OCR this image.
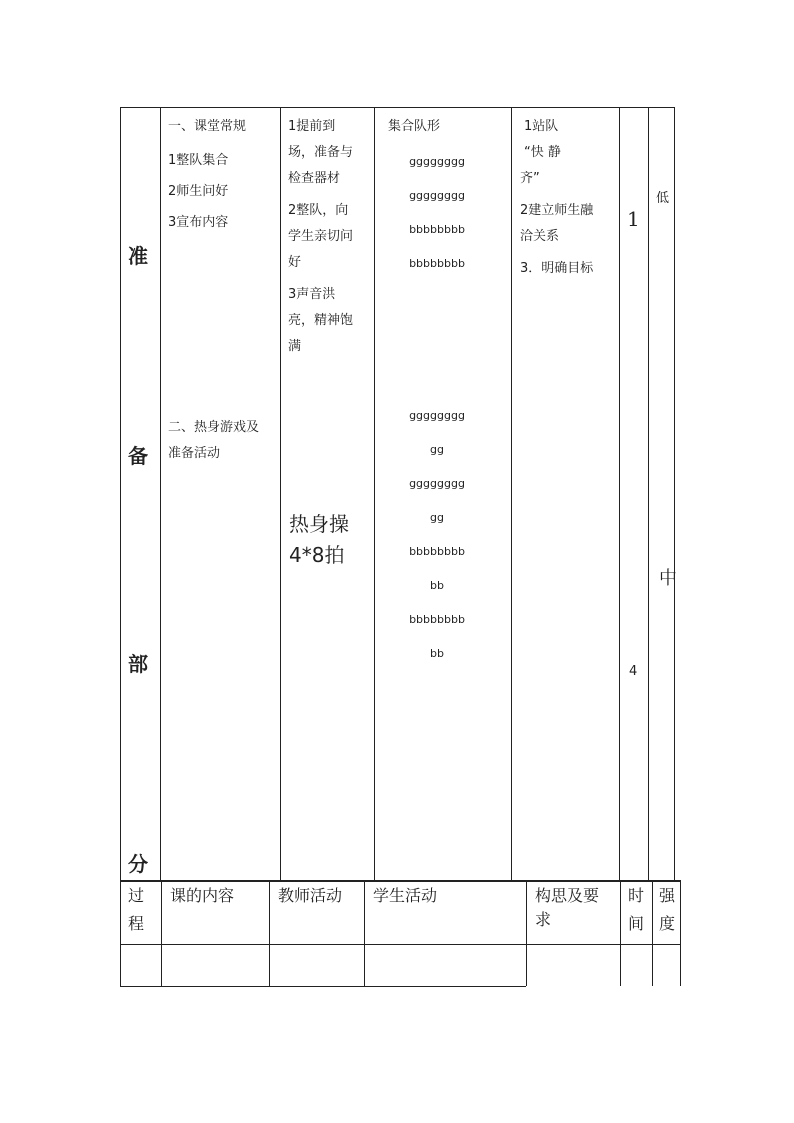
准
备
部
分
一、课堂常规
1整队集合
2师生问好
3宣布内容
二、热身游戏及
准备活动
1提前到
场，准备与
检查器材
2整队，向
学生亲切问
好
3声音洪
亮，精神饱
满
热身操
4*8拍
集合队形
gggggggg
gggggggg
bbbbbbbb
bbbbbbbb
gggggggg
gg
gggggggg
gg
bbbbbbbb
bb
bbbbbbbb
bb
1站队
“快 静
齐”
2建立师生融
洽关系
3．明确目标
1
4
低
中
过
程
课的内容	教师活动 学生活动	构思及要
求
时
间
强
度
